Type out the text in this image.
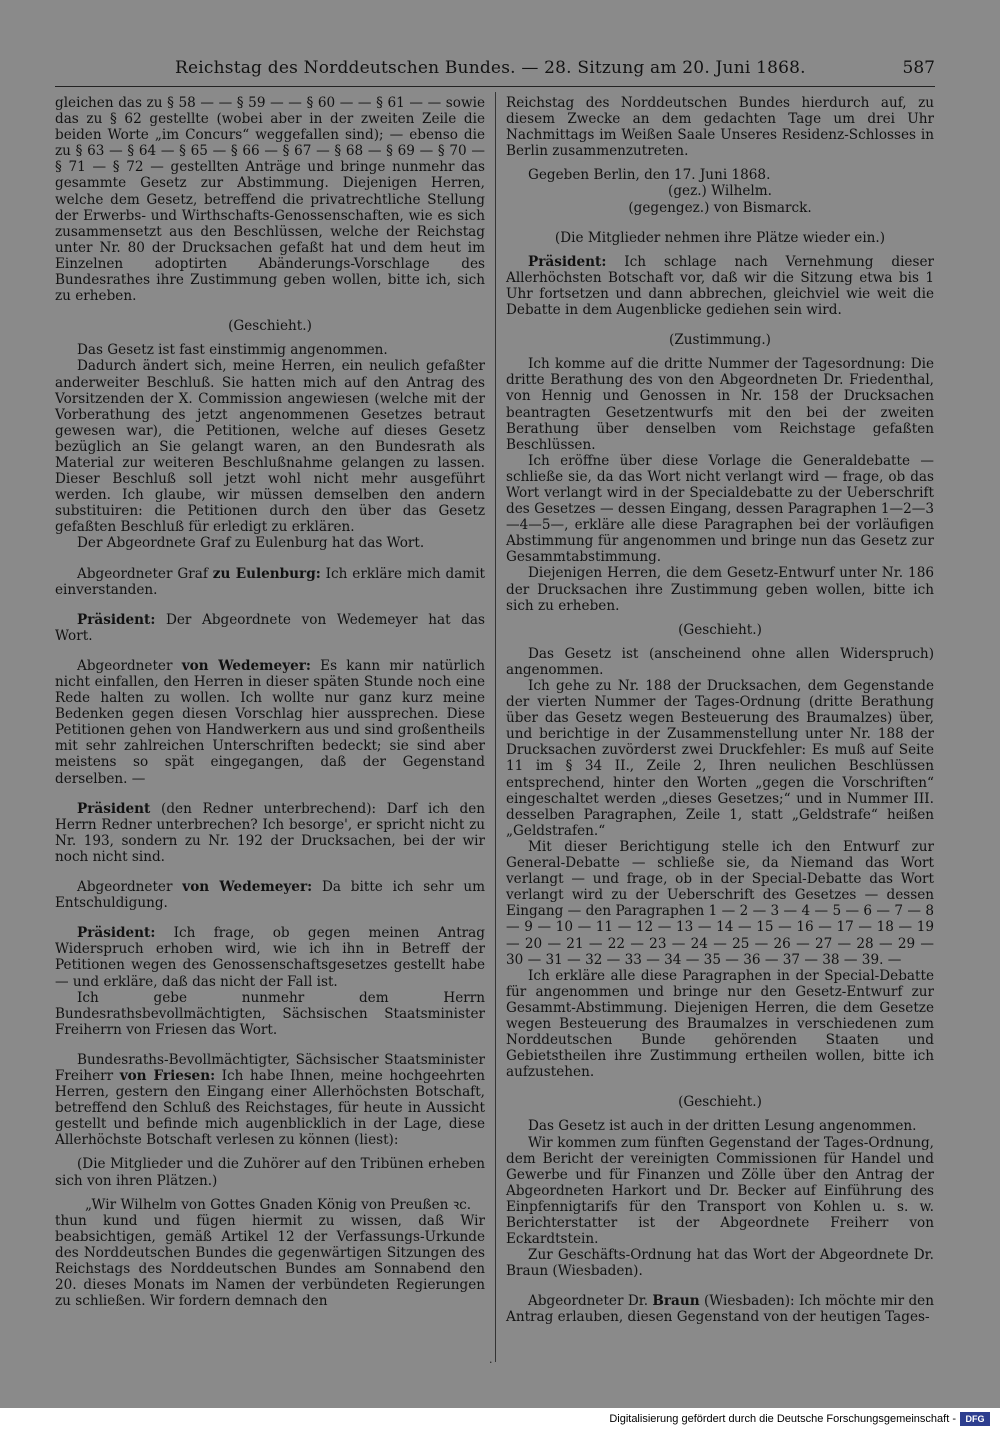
Reichstag des Norddeutschen Bundes. — 28. Sitzung am 20. Juni 1868.	587

gleichen das zu § 58 — — § 59 — — § 60 — — § 61 — — sowie das zu § 62 gestellte (wobei aber in der zweiten Zeile die beiden Worte „im Concurs“ weggefallen sind); — ebenso die zu § 63 — § 64 — § 65 — § 66 — § 67 — § 68 — § 69 — § 70 — § 71 — § 72 — gestellten Anträge und bringe nunmehr das gesammte Gesetz zur Abstimmung. Diejenigen Herren, welche dem Gesetz, betreffend die privatrechtliche Stellung der Erwerbs- und Wirthschafts-Genossenschaften, wie es sich zusammensetzt aus den Beschlüssen, welche der Reichstag unter Nr. 80 der Drucksachen gefaßt hat und dem heut im Einzelnen adoptirten Abänderungs-Vorschlage des Bundesrathes ihre Zustimmung geben wollen, bitte ich, sich zu erheben.

(Geschieht.)

Das Gesetz ist fast einstimmig angenommen.

Dadurch ändert sich, meine Herren, ein neulich gefaßter anderweiter Beschluß. Sie hatten mich auf den Antrag des Vorsitzenden der X. Commission angewiesen (welche mit der Vorberathung des jetzt angenommenen Gesetzes betraut gewesen war), die Petitionen, welche auf dieses Gesetz bezüglich an Sie gelangt waren, an den Bundesrath als Material zur weiteren Beschlußnahme gelangen zu lassen. Dieser Beschluß soll jetzt wohl nicht mehr ausgeführt werden. Ich glaube, wir müssen demselben den andern substituiren: die Petitionen durch den über das Gesetz gefaßten Beschluß für erledigt zu erklären.

Der Abgeordnete Graf zu Eulenburg hat das Wort.

Abgeordneter Graf zu Eulenburg: Ich erkläre mich damit einverstanden.

Präsident: Der Abgeordnete von Wedemeyer hat das Wort.

Abgeordneter von Wedemeyer: Es kann mir natürlich nicht einfallen, den Herren in dieser späten Stunde noch eine Rede halten zu wollen. Ich wollte nur ganz kurz meine Bedenken gegen diesen Vorschlag hier aussprechen. Diese Petitionen gehen von Handwerkern aus und sind großentheils mit sehr zahlreichen Unterschriften bedeckt; sie sind aber meistens so spät eingegangen, daß der Gegenstand derselben. —

Präsident (den Redner unterbrechend): Darf ich den Herrn Redner unterbrechen? Ich besorge', er spricht nicht zu Nr. 193, sondern zu Nr. 192 der Drucksachen, bei der wir noch nicht sind.

Abgeordneter von Wedemeyer: Da bitte ich sehr um Entschuldigung.

Präsident: Ich frage, ob gegen meinen Antrag Widerspruch erhoben wird, wie ich ihn in Betreff der Petitionen wegen des Genossenschaftsgesetzes gestellt habe — und erkläre, daß das nicht der Fall ist.

Ich gebe nunmehr dem Herrn Bundesrathsbevollmächtigten, Sächsischen Staatsminister Freiherrn von Friesen das Wort.

Bundesraths-Bevollmächtigter, Sächsischer Staatsminister Freiherr von Friesen: Ich habe Ihnen, meine hochgeehrten Herren, gestern den Eingang einer Allerhöchsten Botschaft, betreffend den Schluß des Reichstages, für heute in Aussicht gestellt und befinde mich augenblicklich in der Lage, diese Allerhöchste Botschaft verlesen zu können (liest):

(Die Mitglieder und die Zuhörer auf den Tribünen erheben sich von ihren Plätzen.)

„Wir Wilhelm von Gottes Gnaden König von Preußen ꝛc.

thun kund und fügen hiermit zu wissen, daß Wir beabsichtigen, gemäß Artikel 12 der Verfassungs-Urkunde des Norddeutschen Bundes die gegenwärtigen Sitzungen des Reichstags des Norddeutschen Bundes am Sonnabend den 20. dieses Monats im Namen der verbündeten Regierungen zu schließen. Wir fordern demnach den

Reichstag des Norddeutschen Bundes hierdurch auf, zu diesem Zwecke an dem gedachten Tage um drei Uhr Nachmittags im Weißen Saale Unseres Residenz-Schlosses in Berlin zusammenzutreten.

Gegeben Berlin, den 17. Juni 1868.

(gez.) Wilhelm.

(gegengez.) von Bismarck.

(Die Mitglieder nehmen ihre Plätze wieder ein.)

Präsident: Ich schlage nach Vernehmung dieser Allerhöchsten Botschaft vor, daß wir die Sitzung etwa bis 1 Uhr fortsetzen und dann abbrechen, gleichviel wie weit die Debatte in dem Augenblicke gediehen sein wird.

(Zustimmung.)

Ich komme auf die dritte Nummer der Tagesordnung: Die dritte Berathung des von den Abgeordneten Dr. Friedenthal, von Hennig und Genossen in Nr. 158 der Drucksachen beantragten Gesetzentwurfs mit den bei der zweiten Berathung über denselben vom Reichstage gefaßten Beschlüssen.

Ich eröffne über diese Vorlage die Generaldebatte — schließe sie, da das Wort nicht verlangt wird — frage, ob das Wort verlangt wird in der Specialdebatte zu der Ueberschrift des Gesetzes — dessen Eingang, dessen Paragraphen 1—2—3—4—5—, erkläre alle diese Paragraphen bei der vorläufigen Abstimmung für angenommen und bringe nun das Gesetz zur Gesammtabstimmung.

Diejenigen Herren, die dem Gesetz-Entwurf unter Nr. 186 der Drucksachen ihre Zustimmung geben wollen, bitte ich sich zu erheben.

(Geschieht.)

Das Gesetz ist (anscheinend ohne allen Widerspruch) angenommen.

Ich gehe zu Nr. 188 der Drucksachen, dem Gegenstande der vierten Nummer der Tages-Ordnung (dritte Berathung über das Gesetz wegen Besteuerung des Braumalzes) über, und berichtige in der Zusammenstellung unter Nr. 188 der Drucksachen zuvörderst zwei Druckfehler: Es muß auf Seite 11 im § 34 II., Zeile 2, Ihren neulichen Beschlüssen entsprechend, hinter den Worten „gegen die Vorschriften“ eingeschaltet werden „dieses Gesetzes;“ und in Nummer III. desselben Paragraphen, Zeile 1, statt „Geldstrafe“ heißen „Geldstrafen.“

Mit dieser Berichtigung stelle ich den Entwurf zur General-Debatte — schließe sie, da Niemand das Wort verlangt — und frage, ob in der Special-Debatte das Wort verlangt wird zu der Ueberschrift des Gesetzes — dessen Eingang — den Paragraphen 1 — 2 — 3 — 4 — 5 — 6 — 7 — 8 — 9 — 10 — 11 — 12 — 13 — 14 — 15 — 16 — 17 — 18 — 19 — 20 — 21 — 22 — 23 — 24 — 25 — 26 — 27 — 28 — 29 — 30 — 31 — 32 — 33 — 34 — 35 — 36 — 37 — 38 — 39. —

Ich erkläre alle diese Paragraphen in der Special-Debatte für angenommen und bringe nur den Gesetz-Entwurf zur Gesammt-Abstimmung. Diejenigen Herren, die dem Gesetze wegen Besteuerung des Braumalzes in verschiedenen zum Norddeutschen Bunde gehörenden Staaten und Gebietstheilen ihre Zustimmung ertheilen wollen, bitte ich aufzustehen.

(Geschieht.)

Das Gesetz ist auch in der dritten Lesung angenommen.

Wir kommen zum fünften Gegenstand der Tages-Ordnung, dem Bericht der vereinigten Commissionen für Handel und Gewerbe und für Finanzen und Zölle über den Antrag der Abgeordneten Harkort und Dr. Becker auf Einführung des Einpfennigtarifs für den Transport von Kohlen u. s. w. Berichterstatter ist der Abgeordnete Freiherr von Eckardtstein.

Zur Geschäfts-Ordnung hat das Wort der Abgeordnete Dr. Braun (Wiesbaden).

Abgeordneter Dr. Braun (Wiesbaden): Ich möchte mir den Antrag erlauben, diesen Gegenstand von der heutigen Tages-

·
Digitalisierung gefördert durch die Deutsche Forschungsgemeinschaft -	DFG
